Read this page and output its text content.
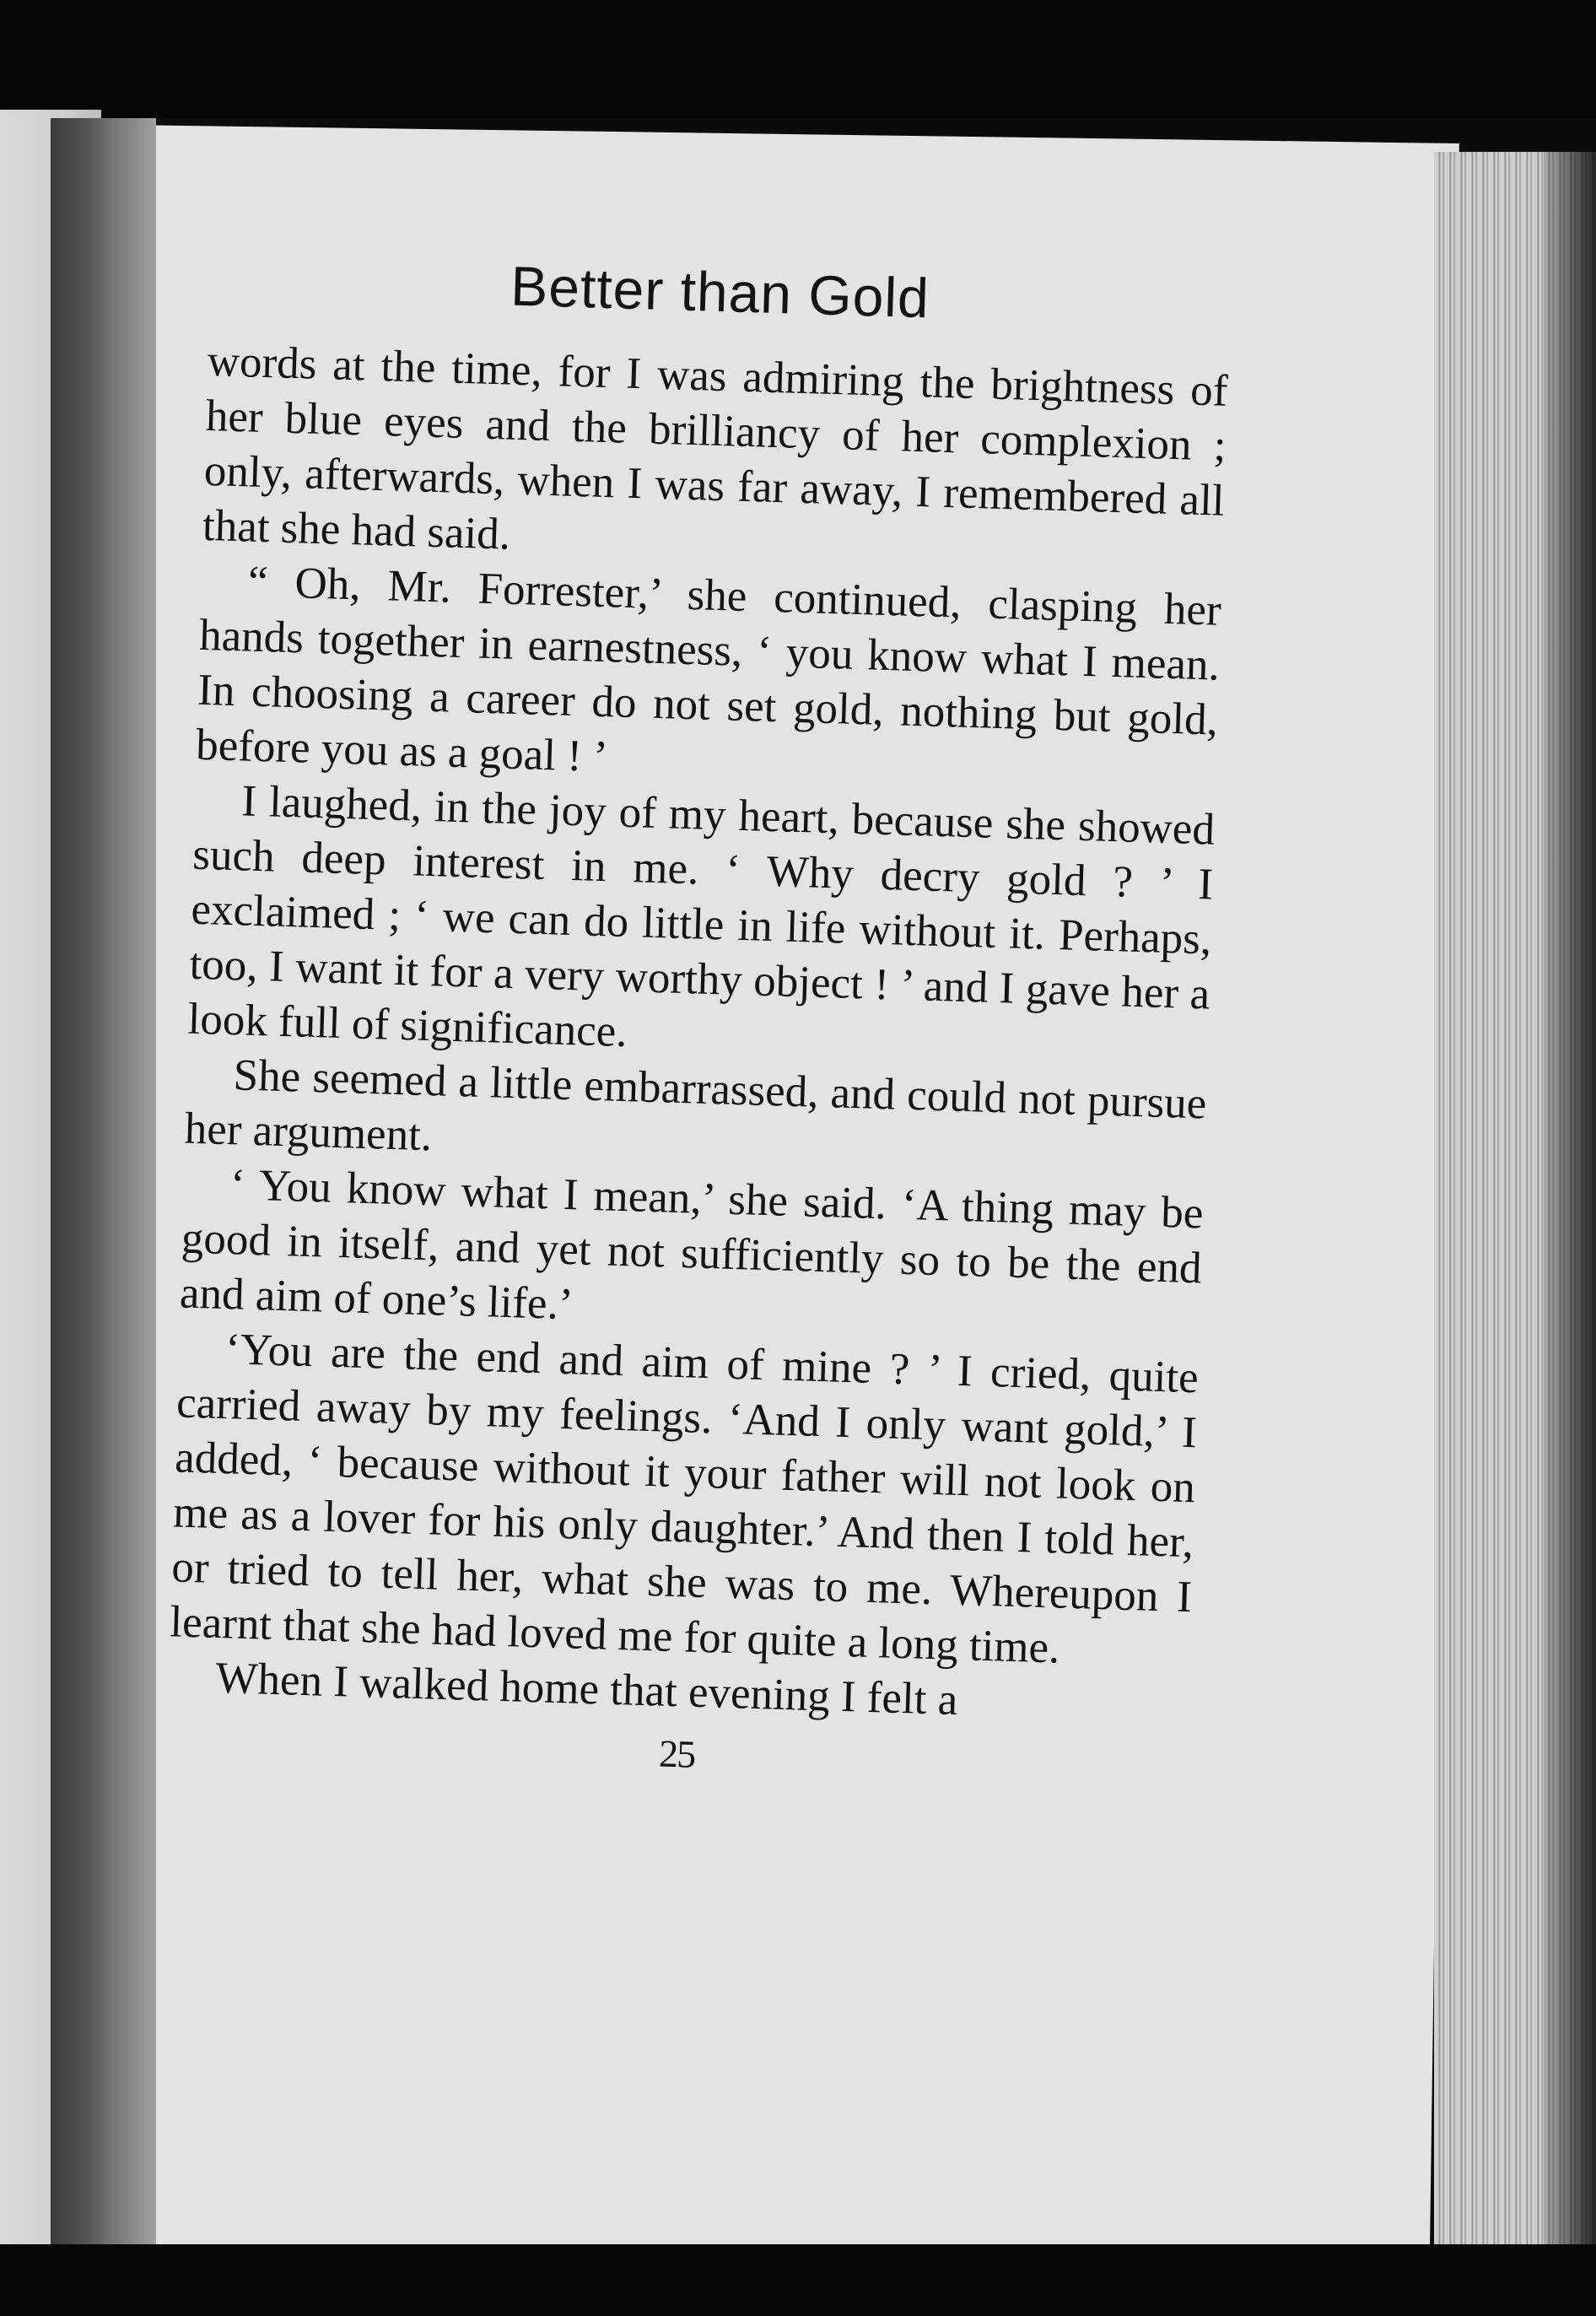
Better than Gold

words at the time, for I was admiring the brightness of her blue eyes and the brilliancy of her complexion ; only, afterwards, when I was far away, I remembered all that she had said.

“ Oh, Mr. Forrester,’ she continued, clasping her hands together in earnestness, ‘ you know what I mean. In choosing a career do not set gold, nothing but gold, before you as a goal ! ’

I laughed, in the joy of my heart, because she showed such deep interest in me. ‘ Why decry gold ? ’ I exclaimed ; ‘ we can do little in life without it. Perhaps, too, I want it for a very worthy object ! ’ and I gave her a look full of significance.

She seemed a little embarrassed, and could not pursue her argument.

‘ You know what I mean,’ she said. ‘A thing may be good in itself, and yet not sufficiently so to be the end and aim of one’s life.’

‘You are the end and aim of mine ? ’ I cried, quite carried away by my feelings. ‘And I only want gold,’ I added, ‘ because without it your father will not look on me as a lover for his only daughter.’ And then I told her, or tried to tell her, what she was to me. Whereupon I learnt that she had loved me for quite a long time.

When I walked home that evening I felt a

25
